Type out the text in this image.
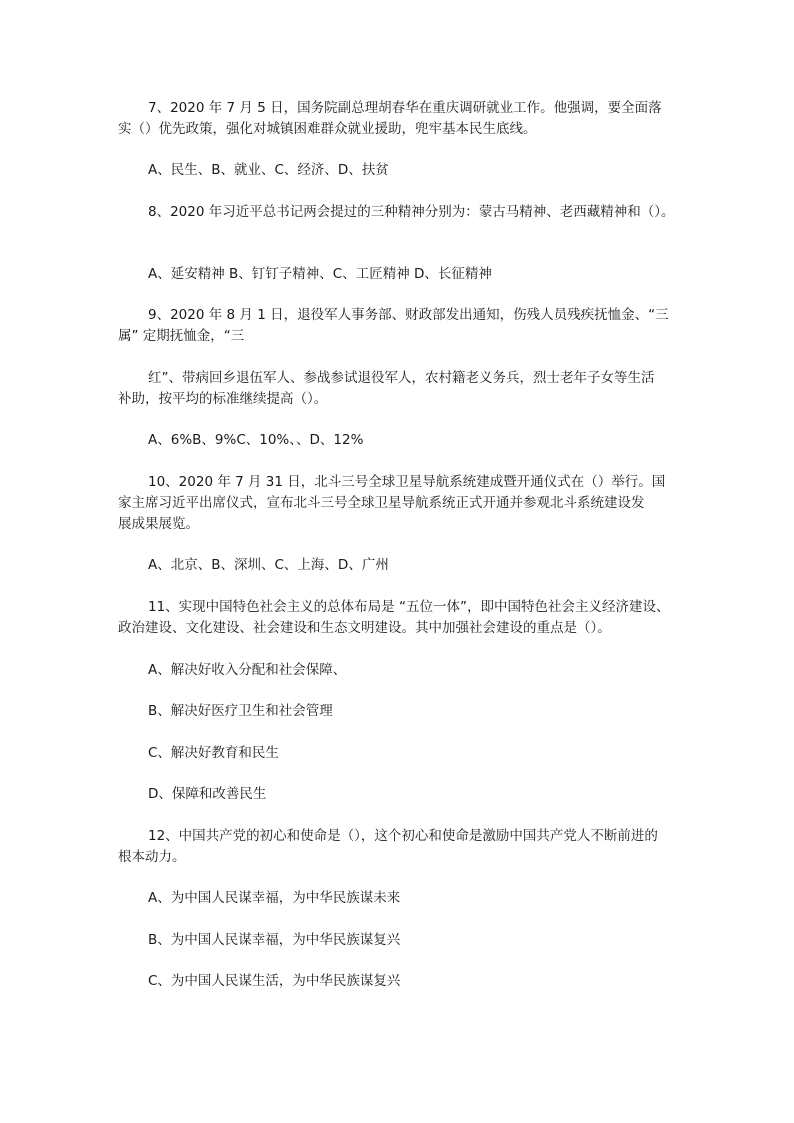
7、2020 年 7 月 5 日，国务院副总理胡春华在重庆调研就业工作。他强调，要全面落

实（）优先政策，强化对城镇困难群众就业援助，兜牢基本民生底线。

A、民生、B、就业、C、经济、D、扶贫

8、2020 年习近平总书记两会提过的三种精神分别为：蒙古马精神、老西藏精神和（）。

A、延安精神 B、钉钉子精神、C、工匠精神 D、长征精神

9、2020 年 8 月 1 日，退役军人事务部、财政部发出通知，伤残人员残疾抚恤金、“三

属” 定期抚恤金，“三

红”、带病回乡退伍军人、参战参试退役军人，农村籍老义务兵，烈士老年子女等生活

补助，按平均的标准继续提高（）。

A、6%B、9%C、10%、、D、12%

10、2020 年 7 月 31 日，北斗三号全球卫星导航系统建成暨开通仪式在（）举行。国

家主席习近平出席仪式，宣布北斗三号全球卫星导航系统正式开通并参观北斗系统建设发

展成果展览。

A、北京、B、深圳、C、上海、D、广州

11、实现中国特色社会主义的总体布局是 “五位一体”，即中国特色社会主义经济建设、

政治建设、文化建设、社会建设和生态文明建设。其中加强社会建设的重点是（）。

A、解决好收入分配和社会保障、

B、解决好医疗卫生和社会管理

C、解决好教育和民生

D、保障和改善民生

12、中国共产党的初心和使命是（），这个初心和使命是激励中国共产党人不断前进的

根本动力。

A、为中国人民谋幸福，为中华民族谋未来

B、为中国人民谋幸福，为中华民族谋复兴

C、为中国人民谋生活，为中华民族谋复兴
